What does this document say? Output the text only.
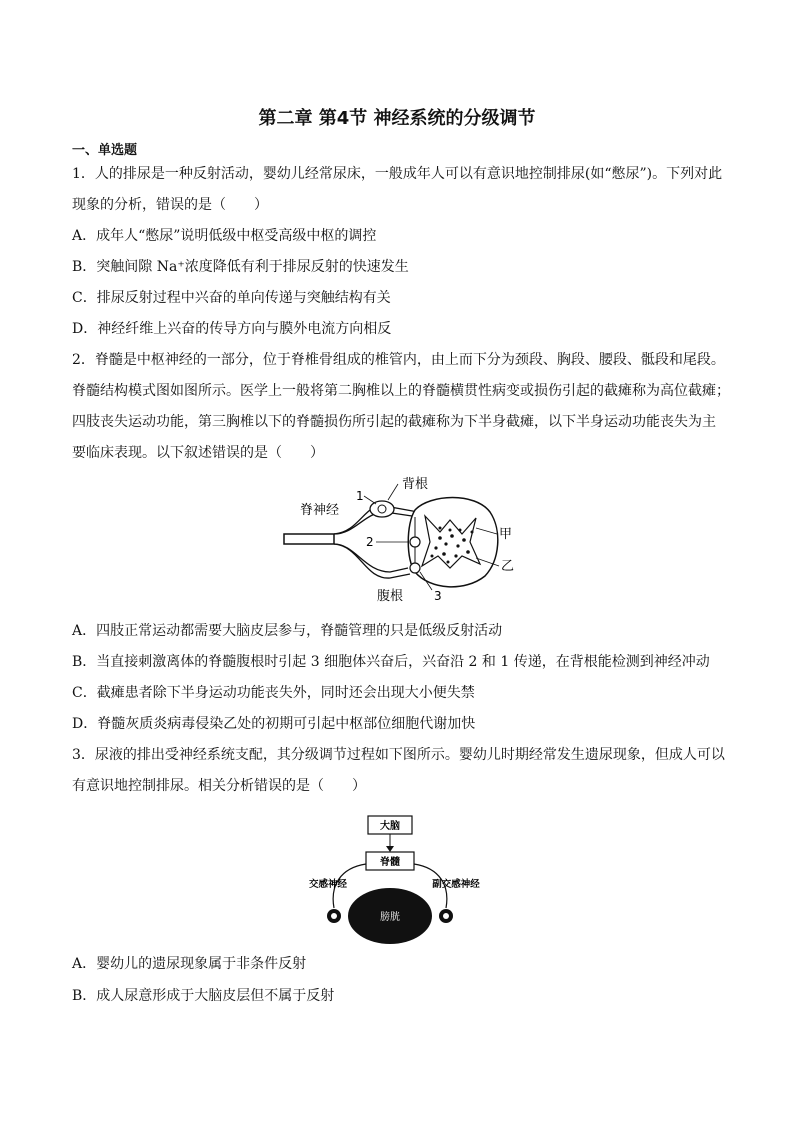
第二章 第4节 神经系统的分级调节
一、单选题
1．人的排尿是一种反射活动，婴幼儿经常尿床，一般成年人可以有意识地控制排尿(如“憋尿”)。下列对此
现象的分析，错误的是（　　）
A．成年人“憋尿”说明低级中枢受高级中枢的调控
B．突触间隙 Na⁺浓度降低有利于排尿反射的快速发生
C．排尿反射过程中兴奋的单向传递与突触结构有关
D．神经纤维上兴奋的传导方向与膜外电流方向相反
2．脊髓是中枢神经的一部分，位于脊椎骨组成的椎管内，由上而下分为颈段、胸段、腰段、骶段和尾段。
脊髓结构模式图如图所示。医学上一般将第二胸椎以上的脊髓横贯性病变或损伤引起的截瘫称为高位截瘫；
四肢丧失运动功能，第三胸椎以下的脊髓损伤所引起的截瘫称为下半身截瘫，以下半身运动功能丧失为主
要临床表现。以下叙述错误的是（　　）
脊神经
背根
腹根
1
2
3
甲
乙
A．四肢正常运动都需要大脑皮层参与，脊髓管理的只是低级反射活动
B．当直接刺激离体的脊髓腹根时引起 3 细胞体兴奋后，兴奋沿 2 和 1 传递，在背根能检测到神经冲动
C．截瘫患者除下半身运动功能丧失外，同时还会出现大小便失禁
D．脊髓灰质炎病毒侵染乙处的初期可引起中枢部位细胞代谢加快
3．尿液的排出受神经系统支配，其分级调节过程如下图所示。婴幼儿时期经常发生遗尿现象，但成人可以
有意识地控制排尿。相关分析错误的是（　　）
大脑
脊髓
交感神经	副交感神经
膀胱
A．婴幼儿的遗尿现象属于非条件反射
B．成人尿意形成于大脑皮层但不属于反射
